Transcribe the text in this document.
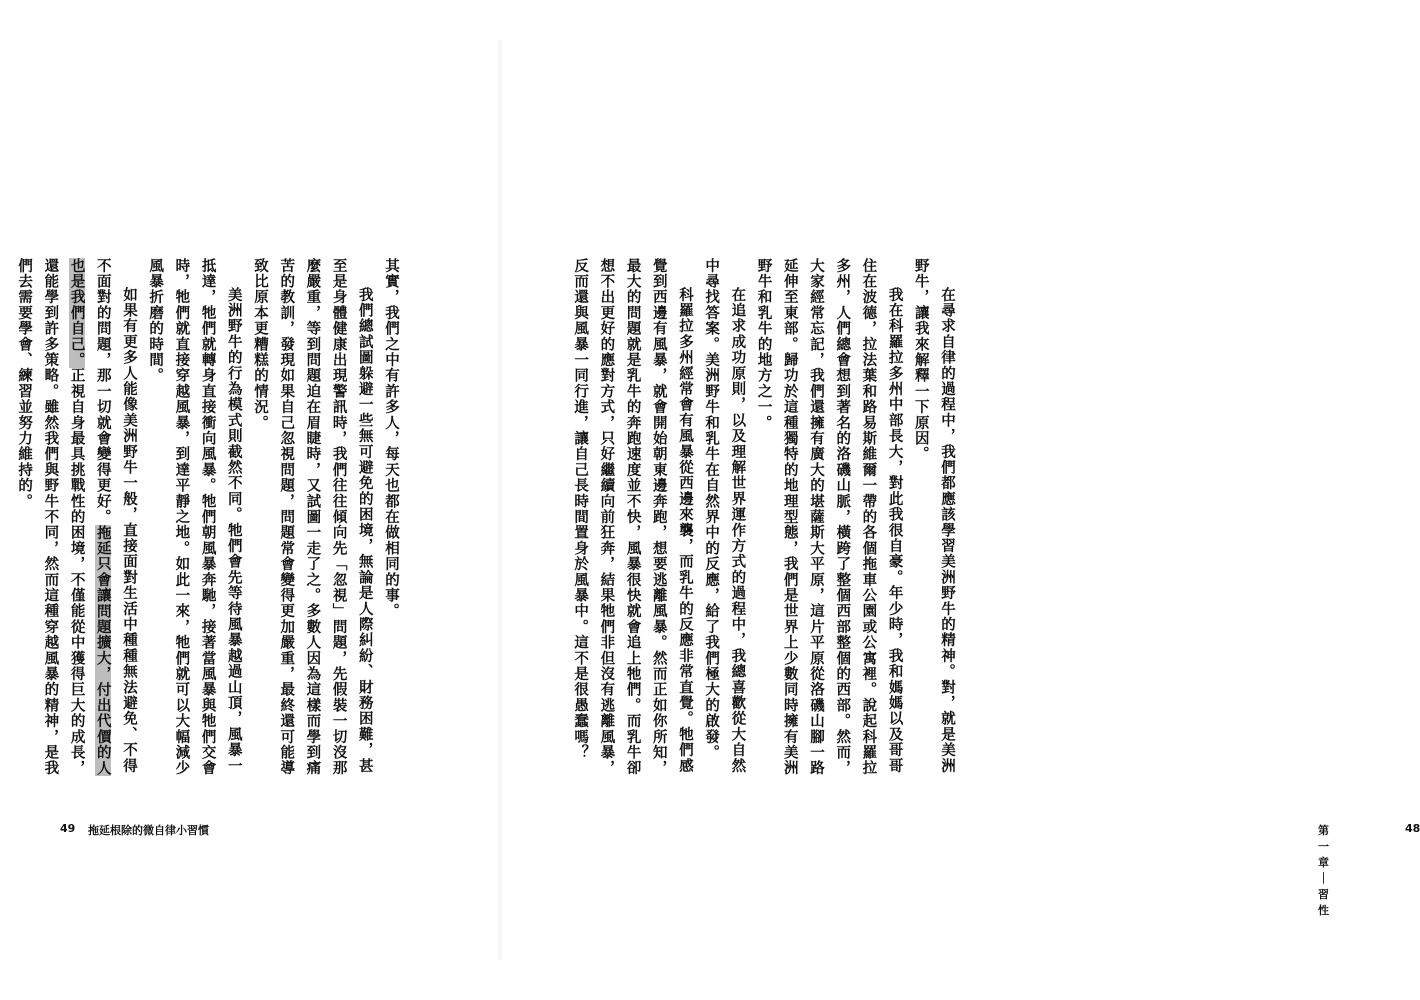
其實，我們之中有許多人，每天也都在做相同的事。

我們總試圖躲避一些無可避免的困境，無論是人際糾紛、財務困難，甚至是身體健康出現警訊時，我們往往傾向先「忽視」問題，先假裝一切沒那麼嚴重，等到問題迫在眉睫時，又試圖一走了之。多數人因為這樣而學到痛苦的教訓，發現如果自己忽視問題，問題常會變得更加嚴重，最終還可能導致比原本更糟糕的情況。

美洲野牛的行為模式則截然不同。牠們會先等待風暴越過山頂，風暴一抵達，牠們就轉身直接衝向風暴。牠們朝風暴奔馳，接著當風暴與牠們交會時，牠們就直接穿越風暴，到達平靜之地。如此一來，牠們就可以大幅減少風暴折磨的時間。

如果有更多人能像美洲野牛一般，直接面對生活中種種無法避免、不得不面對的問題，那一切就會變得更好。拖延只會讓問題擴大，付出代價的人也是我們自己。正視自身最具挑戰性的困境，不僅能從中獲得巨大的成長，還能學到許多策略。雖然我們與野牛不同，然而這種穿越風暴的精神，是我們去需要學會、練習並努力維持的。

49 拖延根除的微自律小習慣

在尋求自律的過程中，我們都應該學習美洲野牛的精神。對，就是美洲野牛，讓我來解釋一下原因。

我在科羅拉多州中部長大，對此我很自豪。年少時，我和媽媽以及哥哥住在波德，拉法葉和路易斯維爾一帶的各個拖車公園或公寓裡。說起科羅拉多州，人們總會想到著名的洛磯山脈，橫跨了整個西部整個的西部。然而，大家經常忘記，我們還擁有廣大的堪薩斯大平原，這片平原從洛磯山腳一路延伸至東部。歸功於這種獨特的地理型態，我們是世界上少數同時擁有美洲野牛和乳牛的地方之一。

在追求成功原則，以及理解世界運作方式的過程中，我總喜歡從大自然中尋找答案。美洲野牛和乳牛在自然界中的反應，給了我們極大的啟發。

科羅拉多州經常會有風暴從西邊來襲，而乳牛的反應非常直覺。牠們感覺到西邊有風暴，就會開始朝東邊奔跑，想要逃離風暴。然而正如你所知，最大的問題就是乳牛的奔跑速度並不快，風暴很快就會追上牠們。而乳牛卻想不出更好的應對方式，只好繼續向前狂奔，結果牠們非但沒有逃離風暴，反而還與風暴一同行進，讓自己長時間置身於風暴中。這不是很愚蠢嗎？

第一章｜習性
48
